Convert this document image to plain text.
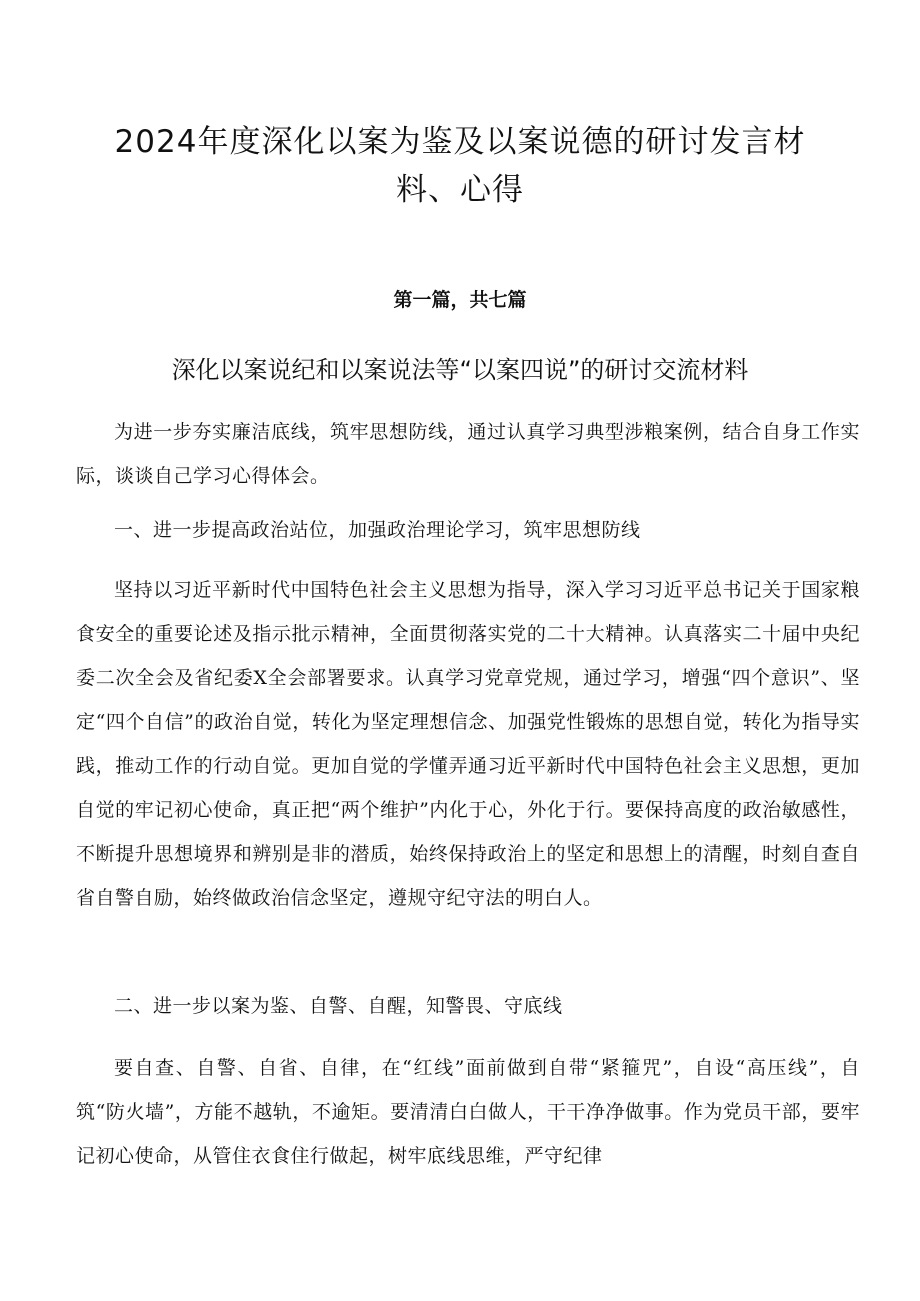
2024年度深化以案为鉴及以案说德的研讨发言材料、心得

第一篇，共七篇

深化以案说纪和以案说法等“以案四说”的研讨交流材料

为进一步夯实廉洁底线，筑牢思想防线，通过认真学习典型涉粮案例，结合自身工作实际，谈谈自己学习心得体会。

一、进一步提高政治站位，加强政治理论学习，筑牢思想防线

坚持以习近平新时代中国特色社会主义思想为指导，深入学习习近平总书记关于国家粮食安全的重要论述及指示批示精神，全面贯彻落实党的二十大精神。认真落实二十届中央纪委二次全会及省纪委X全会部署要求。认真学习党章党规，通过学习，增强“四个意识”、坚定“四个自信”的政治自觉，转化为坚定理想信念、加强党性锻炼的思想自觉，转化为指导实践，推动工作的行动自觉。更加自觉的学懂弄通习近平新时代中国特色社会主义思想，更加自觉的牢记初心使命，真正把“两个维护”内化于心，外化于行。要保持高度的政治敏感性，不断提升思想境界和辨别是非的潜质，始终保持政治上的坚定和思想上的清醒，时刻自查自省自警自励，始终做政治信念坚定，遵规守纪守法的明白人。

二、进一步以案为鉴、自警、自醒，知警畏、守底线

要自查、自警、自省、自律，在“红线”面前做到自带“紧箍咒”，自设“高压线”，自筑“防火墙”，方能不越轨，不逾矩。要清清白白做人，干干净净做事。作为党员干部，要牢记初心使命，从管住衣食住行做起，树牢底线思维，严守纪律
